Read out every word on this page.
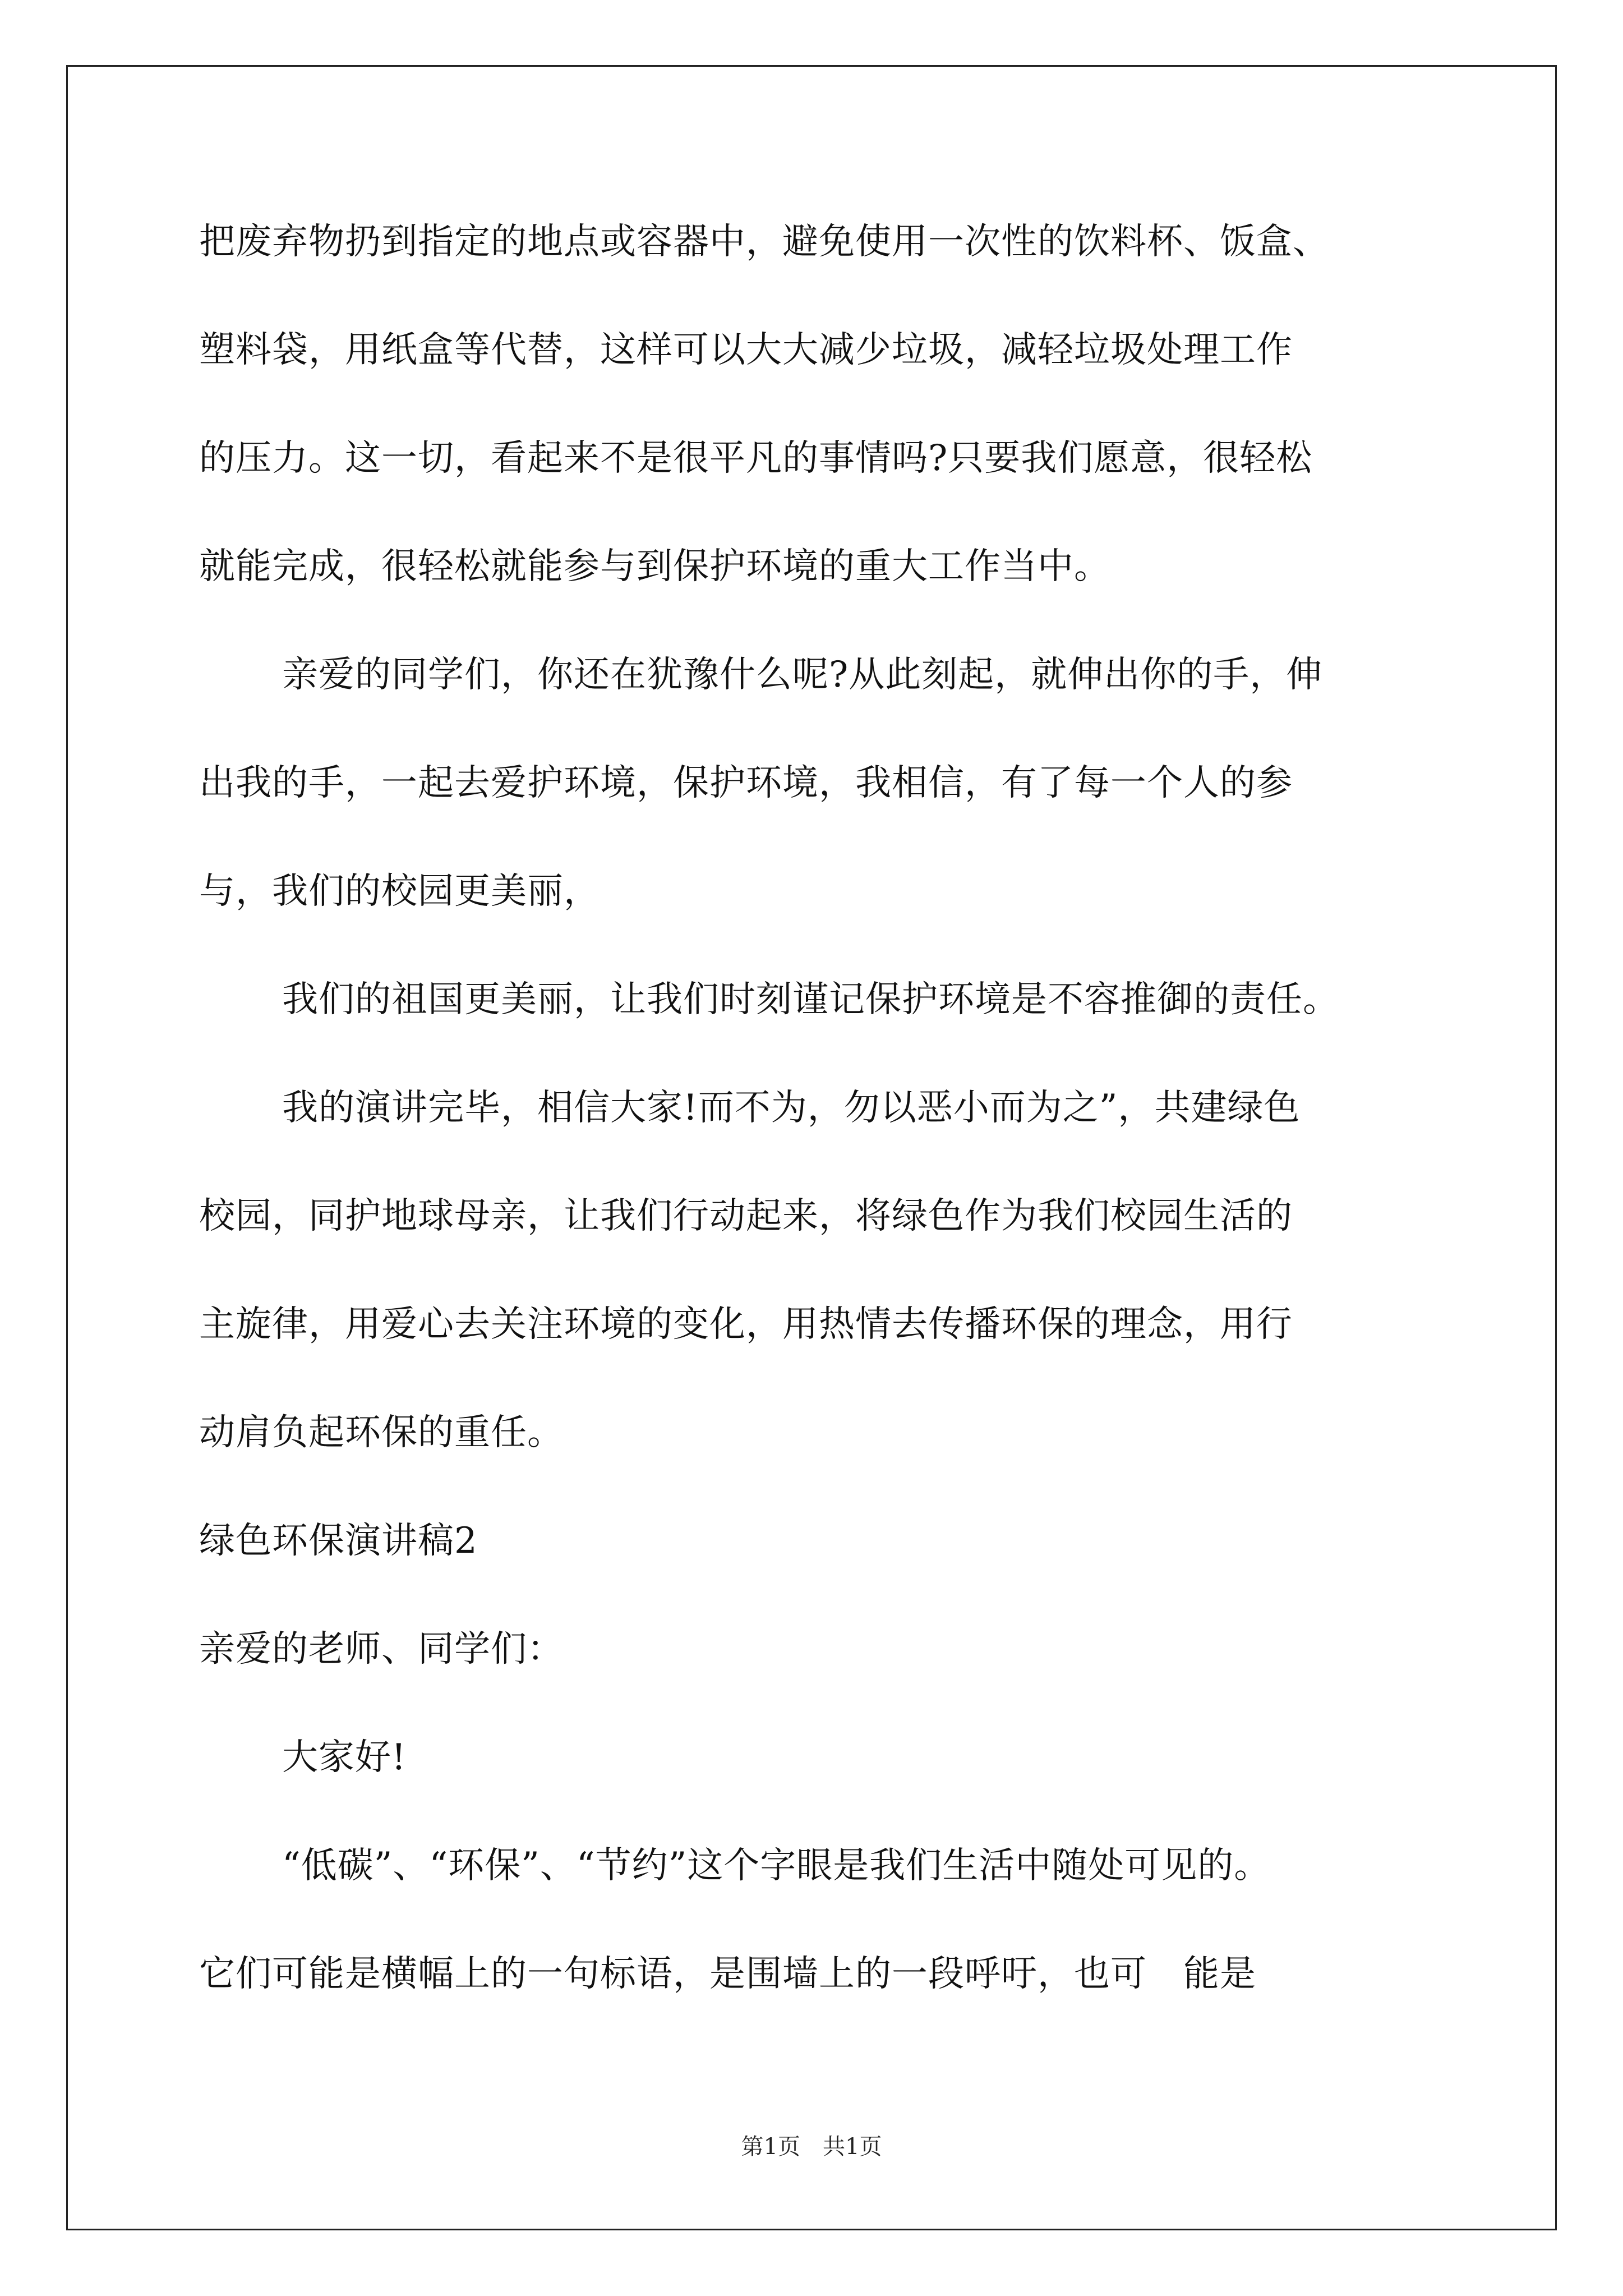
把废弃物扔到指定的地点或容器中，避免使用一次性的饮料杯、饭盒、
塑料袋，用纸盒等代替，这样可以大大减少垃圾，减轻垃圾处理工作
的压力。这一切，看起来不是很平凡的事情吗?只要我们愿意，很轻松
就能完成，很轻松就能参与到保护环境的重大工作当中。
亲爱的同学们，你还在犹豫什么呢?从此刻起，就伸出你的手，伸
出我的手，一起去爱护环境，保护环境，我相信，有了每一个人的参
与，我们的校园更美丽，
我们的祖国更美丽，让我们时刻谨记保护环境是不容推御的责任。
我的演讲完毕，相信大家!而不为，勿以恶小而为之”，共建绿色
校园，同护地球母亲，让我们行动起来，将绿色作为我们校园生活的
主旋律，用爱心去关注环境的变化，用热情去传播环保的理念，用行
动肩负起环保的重任。
绿色环保演讲稿2
亲爱的老师、同学们：
大家好!
“低碳”、“环保”、“节约”这个字眼是我们生活中随处可见的。
它们可能是横幅上的一句标语，是围墙上的一段呼吁，也可　能是
第1页　共1页
